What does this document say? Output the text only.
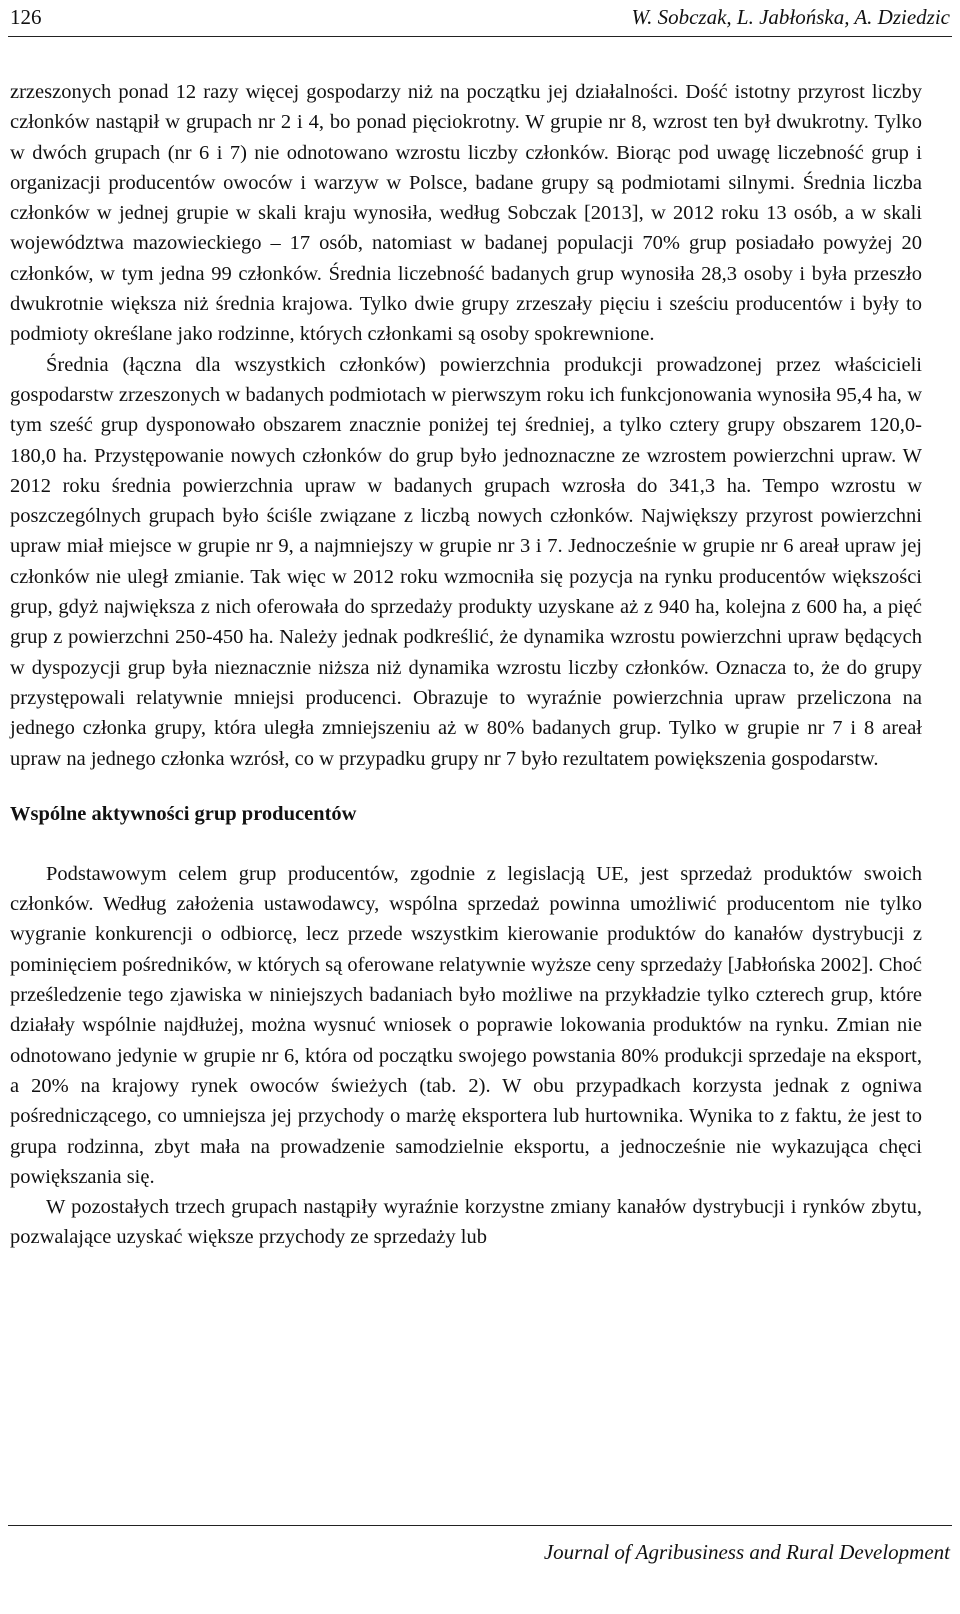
126	W. Sobczak, L. Jabłońska, A. Dziedzic

zrzeszonych ponad 12 razy więcej gospodarzy niż na początku jej działalności. Dość istotny przyrost liczby członków nastąpił w grupach nr 2 i 4, bo ponad pięciokrotny. W grupie nr 8, wzrost ten był dwukrotny. Tylko w dwóch grupach (nr 6 i 7) nie odnotowano wzrostu liczby członków. Biorąc pod uwagę liczebność grup i organizacji producentów owoców i warzyw w Polsce, badane grupy są podmiotami silnymi. Średnia liczba członków w jednej grupie w skali kraju wynosiła, według Sobczak [2013], w 2012 roku 13 osób, a w skali województwa mazowieckiego – 17 osób, natomiast w badanej populacji 70% grup posiadało powyżej 20 członków, w tym jedna 99 członków. Średnia liczebność badanych grup wynosiła 28,3 osoby i była przeszło dwukrotnie większa niż średnia krajowa. Tylko dwie grupy zrzeszały pięciu i sześciu producentów i były to podmioty określane jako rodzinne, których członkami są osoby spokrewnione.

Średnia (łączna dla wszystkich członków) powierzchnia produkcji prowadzonej przez właścicieli gospodarstw zrzeszonych w badanych podmiotach w pierwszym roku ich funkcjonowania wynosiła 95,4 ha, w tym sześć grup dysponowało obszarem znacznie poniżej tej średniej, a tylko cztery grupy obszarem 120,0-180,0 ha. Przystępowanie nowych członków do grup było jednoznaczne ze wzrostem powierzchni upraw. W 2012 roku średnia powierzchnia upraw w badanych grupach wzrosła do 341,3 ha. Tempo wzrostu w poszczególnych grupach było ściśle związane z liczbą nowych członków. Największy przyrost powierzchni upraw miał miejsce w grupie nr 9, a najmniejszy w grupie nr 3 i 7. Jednocześnie w grupie nr 6 areał upraw jej członków nie uległ zmianie. Tak więc w 2012 roku wzmocniła się pozycja na rynku producentów większości grup, gdyż największa z nich oferowała do sprzedaży produkty uzyskane aż z 940 ha, kolejna z 600 ha, a pięć grup z powierzchni 250-450 ha. Należy jednak podkreślić, że dynamika wzrostu powierzchni upraw będących w dyspozycji grup była nieznacznie niższa niż dynamika wzrostu liczby członków. Oznacza to, że do grupy przystępowali relatywnie mniejsi producenci. Obrazuje to wyraźnie powierzchnia upraw przeliczona na jednego członka grupy, która uległa zmniejszeniu aż w 80% badanych grup. Tylko w grupie nr 7 i 8 areał upraw na jednego członka wzrósł, co w przypadku grupy nr 7 było rezultatem powiększenia gospodarstw.

Wspólne aktywności grup producentów

Podstawowym celem grup producentów, zgodnie z legislacją UE, jest sprzedaż produktów swoich członków. Według założenia ustawodawcy, wspólna sprzedaż powinna umożliwić producentom nie tylko wygranie konkurencji o odbiorcę, lecz przede wszystkim kierowanie produktów do kanałów dystrybucji z pominięciem pośredników, w których są oferowane relatywnie wyższe ceny sprzedaży [Jabłońska 2002]. Choć prześledzenie tego zjawiska w niniejszych badaniach było możliwe na przykładzie tylko czterech grup, które działały wspólnie najdłużej, można wysnuć wniosek o poprawie lokowania produktów na rynku. Zmian nie odnotowano jedynie w grupie nr 6, która od początku swojego powstania 80% produkcji sprzedaje na eksport, a 20% na krajowy rynek owoców świeżych (tab. 2). W obu przypadkach korzysta jednak z ogniwa pośredniczącego, co umniejsza jej przychody o marżę eksportera lub hurtownika. Wynika to z faktu, że jest to grupa rodzinna, zbyt mała na prowadzenie samodzielnie eksportu, a jednocześnie nie wykazująca chęci powiększania się.

W pozostałych trzech grupach nastąpiły wyraźnie korzystne zmiany kanałów dystrybucji i rynków zbytu, pozwalające uzyskać większe przychody ze sprzedaży lub

Journal of Agribusiness and Rural Development
